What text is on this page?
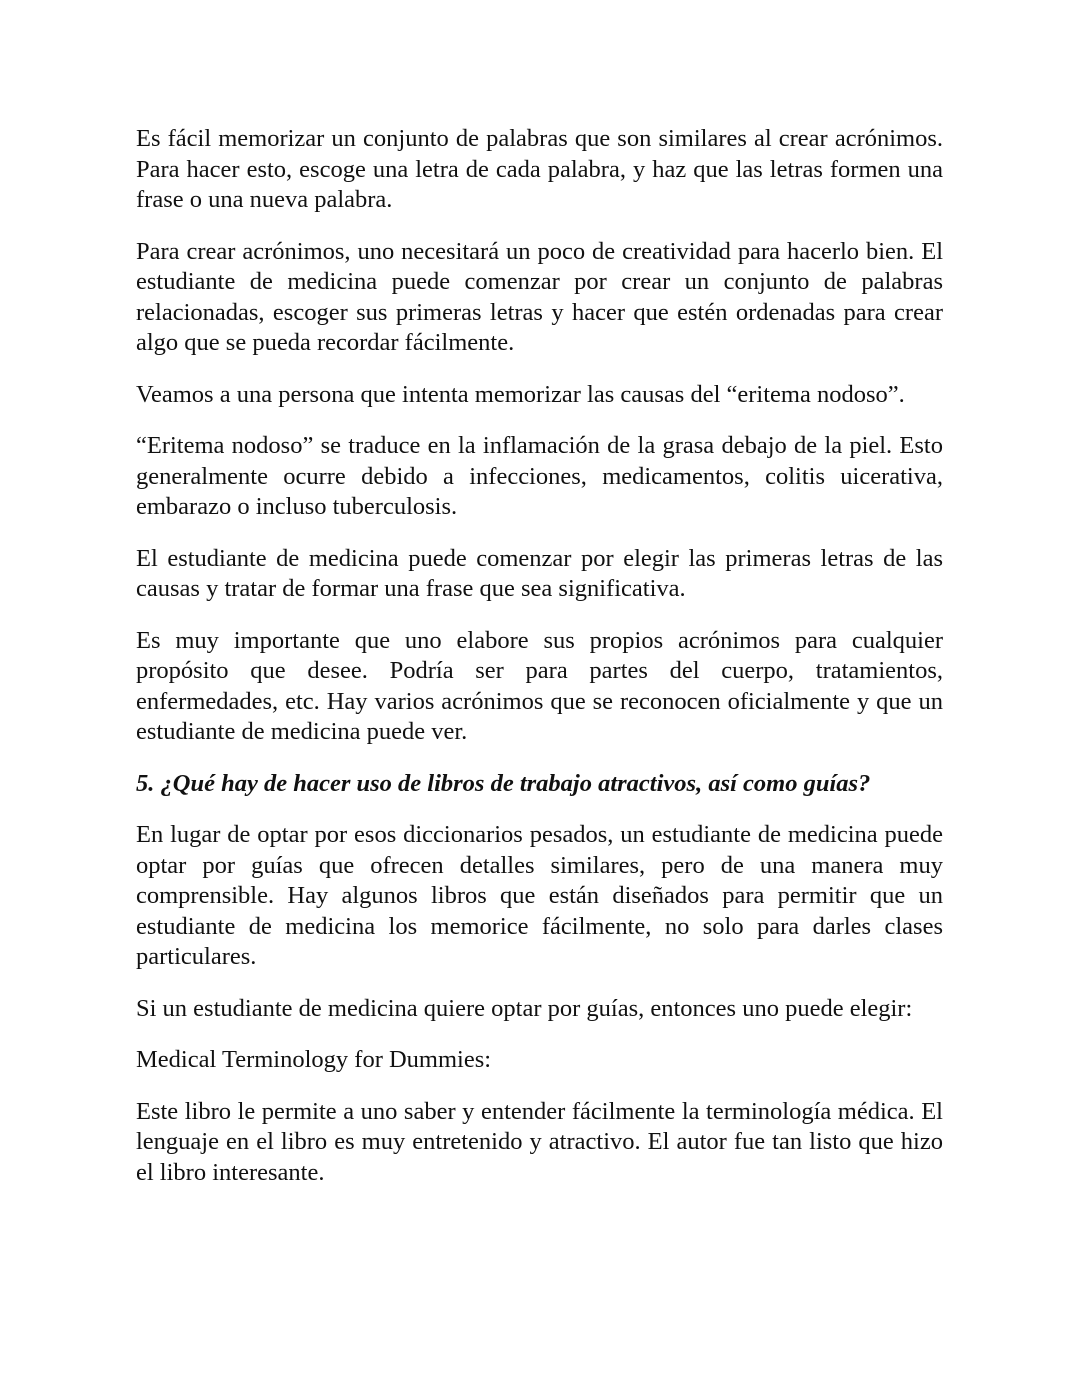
Es fácil memorizar un conjunto de palabras que son similares al crear acrónimos. Para hacer esto, escoge una letra de cada palabra, y haz que las letras formen una frase o una nueva palabra.

Para crear acrónimos, uno necesitará un poco de creatividad para hacerlo bien. El estudiante de medicina puede comenzar por crear un conjunto de palabras relacionadas, escoger sus primeras letras y hacer que estén ordenadas para crear algo que se pueda recordar fácilmente.

Veamos a una persona que intenta memorizar las causas del “eritema nodoso”.

“Eritema nodoso” se traduce en la inflamación de la grasa debajo de la piel. Esto generalmente ocurre debido a infecciones, medicamentos, colitis uicerativa, embarazo o incluso tuberculosis.

El estudiante de medicina puede comenzar por elegir las primeras letras de las causas y tratar de formar una frase que sea significativa.

Es muy importante que uno elabore sus propios acrónimos para cualquier propósito que desee. Podría ser para partes del cuerpo, tratamientos, enfermedades, etc. Hay varios acrónimos que se reconocen oficialmente y que un estudiante de medicina puede ver.

5. ¿Qué hay de hacer uso de libros de trabajo atractivos, así como guías?

En lugar de optar por esos diccionarios pesados, un estudiante de medicina puede optar por guías que ofrecen detalles similares, pero de una manera muy comprensible. Hay algunos libros que están diseñados para permitir que un estudiante de medicina los memorice fácilmente, no solo para darles clases particulares.

Si un estudiante de medicina quiere optar por guías, entonces uno puede elegir:

Medical Terminology for Dummies:

Este libro le permite a uno saber y entender fácilmente la terminología médica. El lenguaje en el libro es muy entretenido y atractivo. El autor fue tan listo que hizo el libro interesante.
